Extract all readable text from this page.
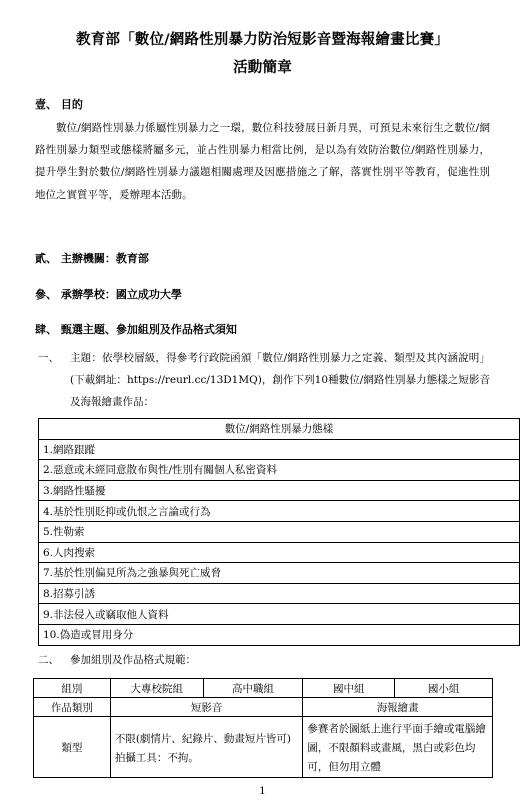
教育部「數位/網路性別暴力防治短影音暨海報繪畫比賽」
活動簡章
壹、 目的
數位/網路性別暴力係屬性別暴力之一環，數位科技發展日新月異，可預見未來衍生之數位/網路性別暴力類型或態樣將屬多元，並占性別暴力相當比例，是以為有效防治數位/網路性別暴力，提升學生對於數位/網路性別暴力議題相關處理及因應措施之了解，落實性別平等教育，促進性別地位之實質平等，爰辦理本活動。
貳、 主辦機關：教育部
參、 承辦學校：國立成功大學
肆、 甄選主題、參加組別及作品格式須知
一、 主題：依學校層級，得參考行政院函頒「數位/網路性別暴力之定義、類型及其內涵說明」(下載網址：https://reurl.cc/13D1MQ)，創作下列10種數位/網路性別暴力態樣之短影音及海報繪畫作品：
數位/網路性別暴力態樣
1.網路跟蹤
2.惡意或未經同意散布與性/性別有關個人私密資料
3.網路性騷擾
4.基於性別貶抑或仇恨之言論或行為
5.性勒索
6.人肉搜索
7.基於性別偏見所為之強暴與死亡威脅
8.招募引誘
9.非法侵入或竊取他人資料
10.偽造或冒用身分
二、 參加組別及作品格式規範：
組別	大專校院組	高中職組	國中組	國小組
作品類別	短影音		海報繪畫	
類型	不限(劇情片、紀錄片、動畫短片皆可)拍攝工具：不拘。		參賽者於圖紙上進行平面手繪或電腦繪圖，不限顏料或畫風，黑白或彩色均可，但勿用立體	
1
